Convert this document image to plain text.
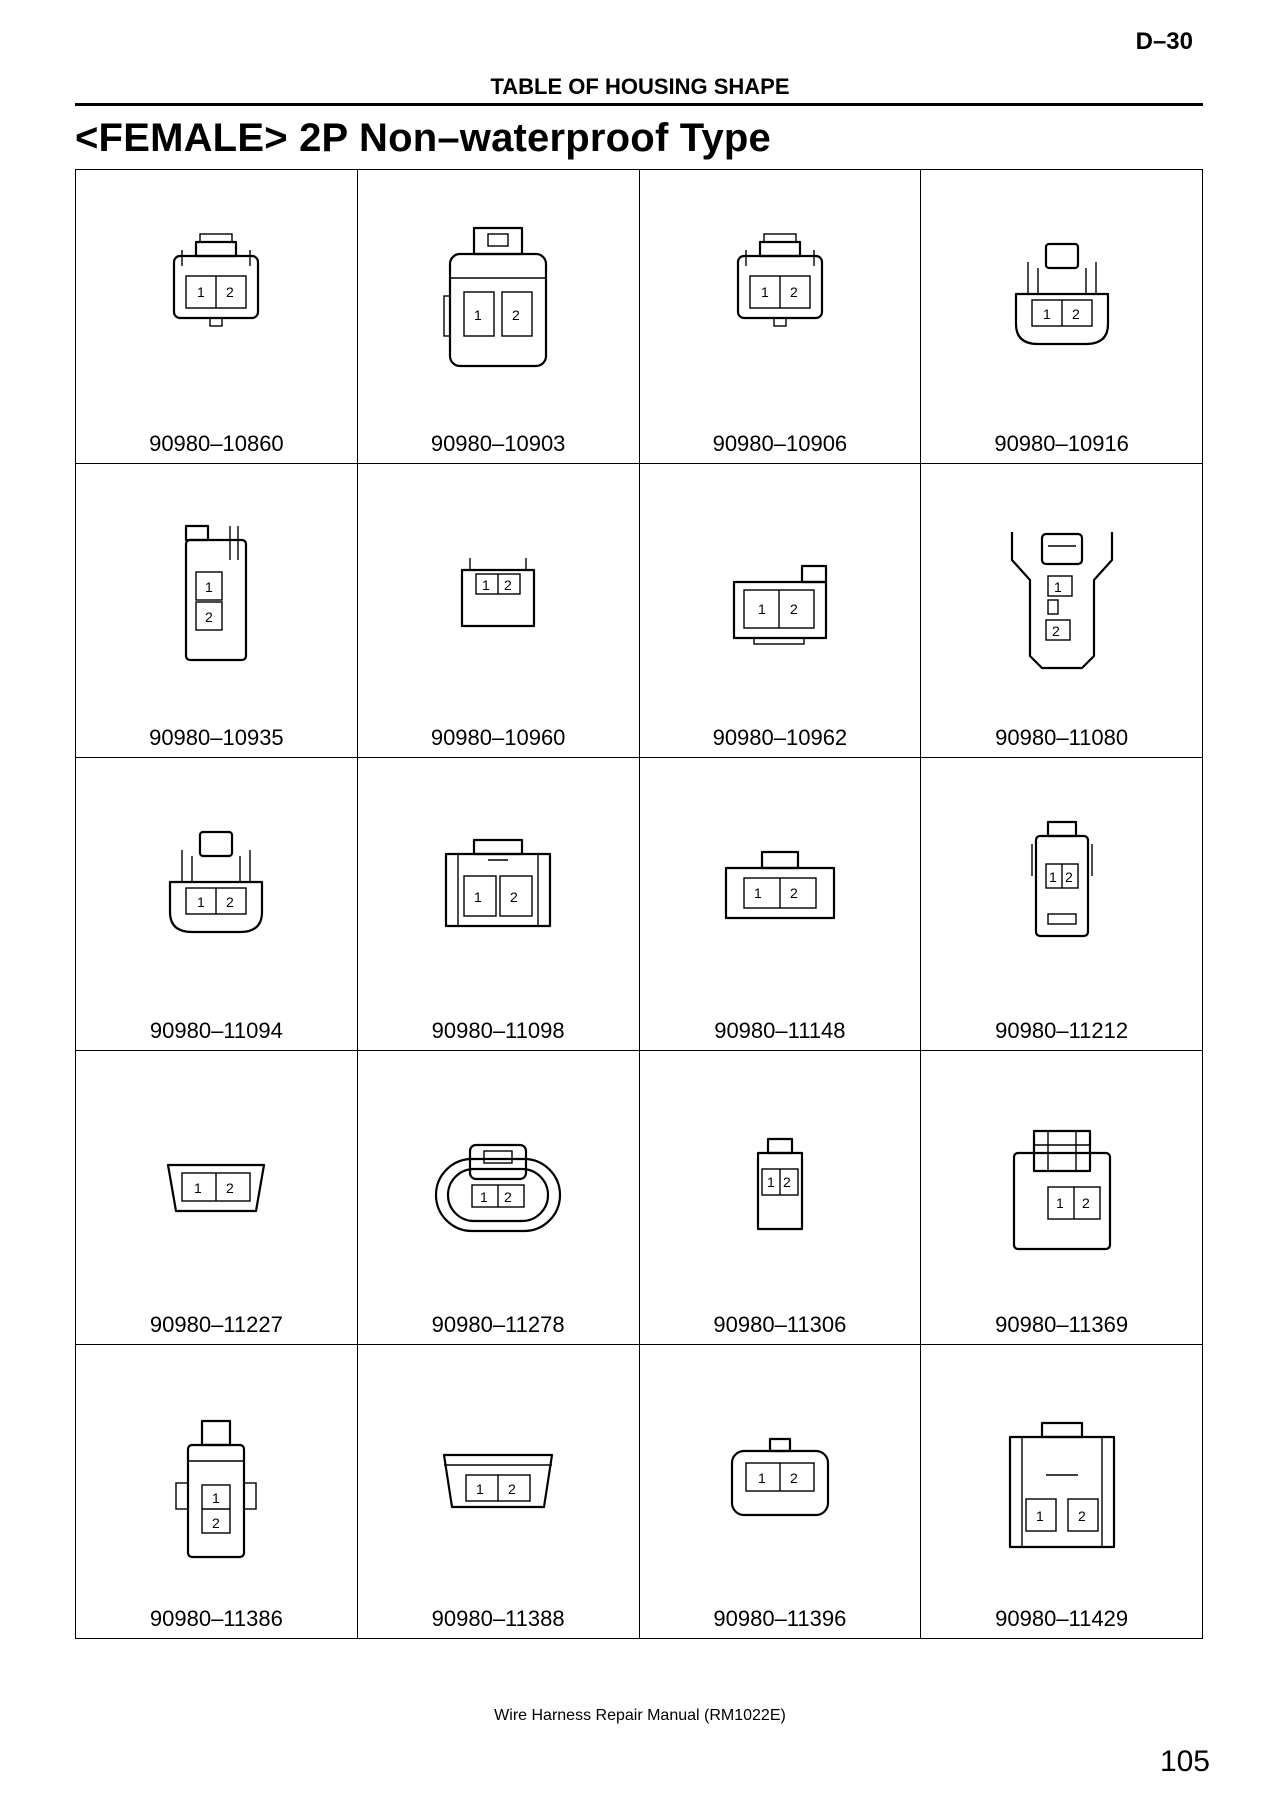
D–30
TABLE OF HOUSING SHAPE
<FEMALE> 2P Non–waterproof Type
1 2
90980–10860
1 2
90980–10903
1 2
90980–10906
1 2
90980–10916
1
2
90980–10935
1 2
90980–10960
1 2
90980–10962
1
2
90980–11080
1 2
90980–11094
1 2
90980–11098
1 2
90980–11148
1 2
90980–11212
1 2
90980–11227
1 2
90980–11278
1 2
90980–11306
1 2
90980–11369
1
2
90980–11386
1 2
90980–11388
1 2
90980–11396
1 2
90980–11429
Wire Harness Repair Manual (RM1022E)
105
